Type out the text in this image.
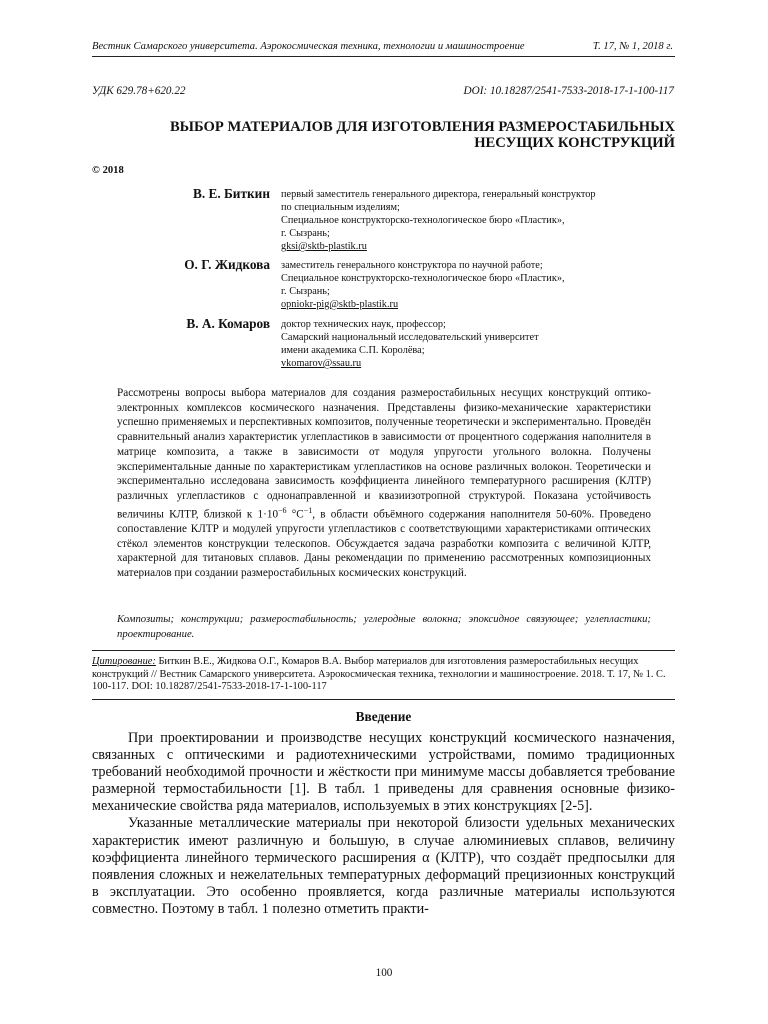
Вестник Самарского университета. Аэрокосмическая техника, технологии и машиностроение	Т. 17, № 1, 2018 г.
УДК 629.78+620.22	DOI: 10.18287/2541-7533-2018-17-1-100-117
ВЫБОР МАТЕРИАЛОВ ДЛЯ ИЗГОТОВЛЕНИЯ РАЗМЕРОСТАБИЛЬНЫХ
НЕСУЩИХ КОНСТРУКЦИЙ
© 2018
В. Е. Биткин первый заместитель генерального директора, генеральный конструктор
по специальным изделиям;
Специальное конструкторско-технологическое бюро «Пластик»,
г. Сызрань;
gksi@sktb-plastik.ru
О. Г. Жидкова заместитель генерального конструктора по научной работе;
Специальное конструкторско-технологическое бюро «Пластик»,
г. Сызрань;
opniokr-pig@sktb-plastik.ru
В. А. Комаров доктор технических наук, профессор;
Самарский национальный исследовательский университет
имени академика С.П. Королёва;
vkomarov@ssau.ru

Рассмотрены вопросы выбора материалов для создания размеростабильных несущих конструкций оптико-электронных комплексов космического назначения. Представлены физико-механические характеристики успешно применяемых и перспективных композитов, полученные теоретически и экспериментально. Проведён сравнительный анализ характеристик углепластиков в зависимости от процентного содержания наполнителя в матрице композита, а также в зависимости от модуля упругости угольного волокна. Получены экспериментальные данные по характеристикам углепластиков на основе различных волокон. Теоретически и экспериментально исследована зависимость коэффициента линейного температурного расширения (КЛТР) различных углепластиков с однонаправленной и квазиизотропной структурой. Показана устойчивость величины КЛТР, близкой к $1\cdot 10^{-6}$ $^\circ C^{-1}$, в области объёмного содержания наполнителя 50-60%. Проведено сопоставление КЛТР и модулей упругости углепластиков с соответствующими характеристиками оптических стёкол элементов конструкции телескопов. Обсуждается задача разработки композита с величиной КЛТР, характерной для титановых сплавов. Даны рекомендации по применению рассмотренных композиционных материалов при создании размеростабильных космических конструкций.

Композиты; конструкции; размеростабильность; углеродные волокна; эпоксидное связующее; углепластики; проектирование.
Цитирование: Биткин В.Е., Жидкова О.Г., Комаров В.А. Выбор материалов для изготовления размеростабильных несущих конструкций // Вестник Самарского университета. Аэрокосмическая техника, технологии и машиностроение. 2018. Т. 17, № 1. С. 100-117. DOI: 10.18287/2541-7533-2018-17-1-100-117
Введение

При проектировании и производстве несущих конструкций космического назначения, связанных с оптическими и радиотехническими устройствами, помимо традиционных требований необходимой прочности и жёсткости при минимуме массы добавляется требование размерной термостабильности [1]. В табл. 1 приведены для сравнения основные физико-механические свойства ряда материалов, используемых в этих конструкциях [2-5].

Указанные металлические материалы при некоторой близости удельных механических характеристик имеют различную и большую, в случае алюминиевых сплавов, величину коэффициента линейного термического расширения α (КЛТР), что создаёт предпосылки для появления сложных и нежелательных температурных деформаций прецизионных конструкций в эксплуатации. Это особенно проявляется, когда различные материалы используются совместно. Поэтому в табл. 1 полезно отметить практи-

100
